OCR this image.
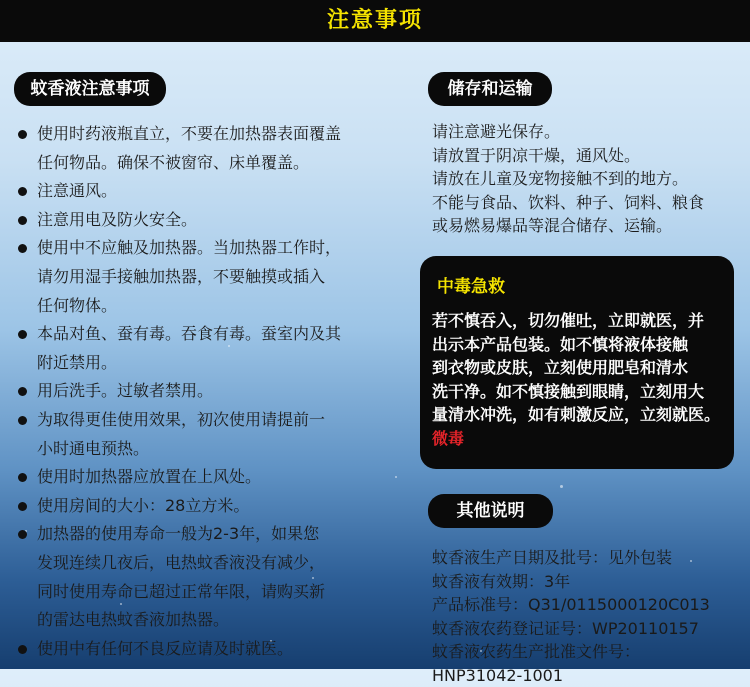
注意事项
蚊香液注意事项
使用时药液瓶直立，不要在加热器表面覆盖
任何物品。确保不被窗帘、床单覆盖。
注意通风。
注意用电及防火安全。
使用中不应触及加热器。当加热器工作时，
请勿用湿手接触加热器，不要触摸或插入
任何物体。
本品对鱼、蚕有毒。吞食有毒。蚕室内及其
附近禁用。
用后洗手。过敏者禁用。
为取得更佳使用效果，初次使用请提前一
小时通电预热。
使用时加热器应放置在上风处。
使用房间的大小：28立方米。
加热器的使用寿命一般为2-3年，如果您
发现连续几夜后，电热蚊香液没有减少，
同时使用寿命已超过正常年限，请购买新
的雷达电热蚊香液加热器。
使用中有任何不良反应请及时就医。
储存和运输
请注意避光保存。
请放置于阴凉干燥，通风处。
请放在儿童及宠物接触不到的地方。
不能与食品、饮料、种子、饲料、粮食
或易燃易爆品等混合储存、运输。
中毒急救
若不慎吞入，切勿催吐，立即就医，并
出示本产品包装。如不慎将液体接触
到衣物或皮肤，立刻使用肥皂和清水
洗干净。如不慎接触到眼睛，立刻用大
量清水冲洗，如有刺激反应，立刻就医。
微毒
其他说明
蚊香液生产日期及批号：见外包装
蚊香液有效期：3年
产品标准号：Q31/0115000120C013
蚊香液农药登记证号：WP20110157
蚊香液农药生产批准文件号：
HNP31042-1001
